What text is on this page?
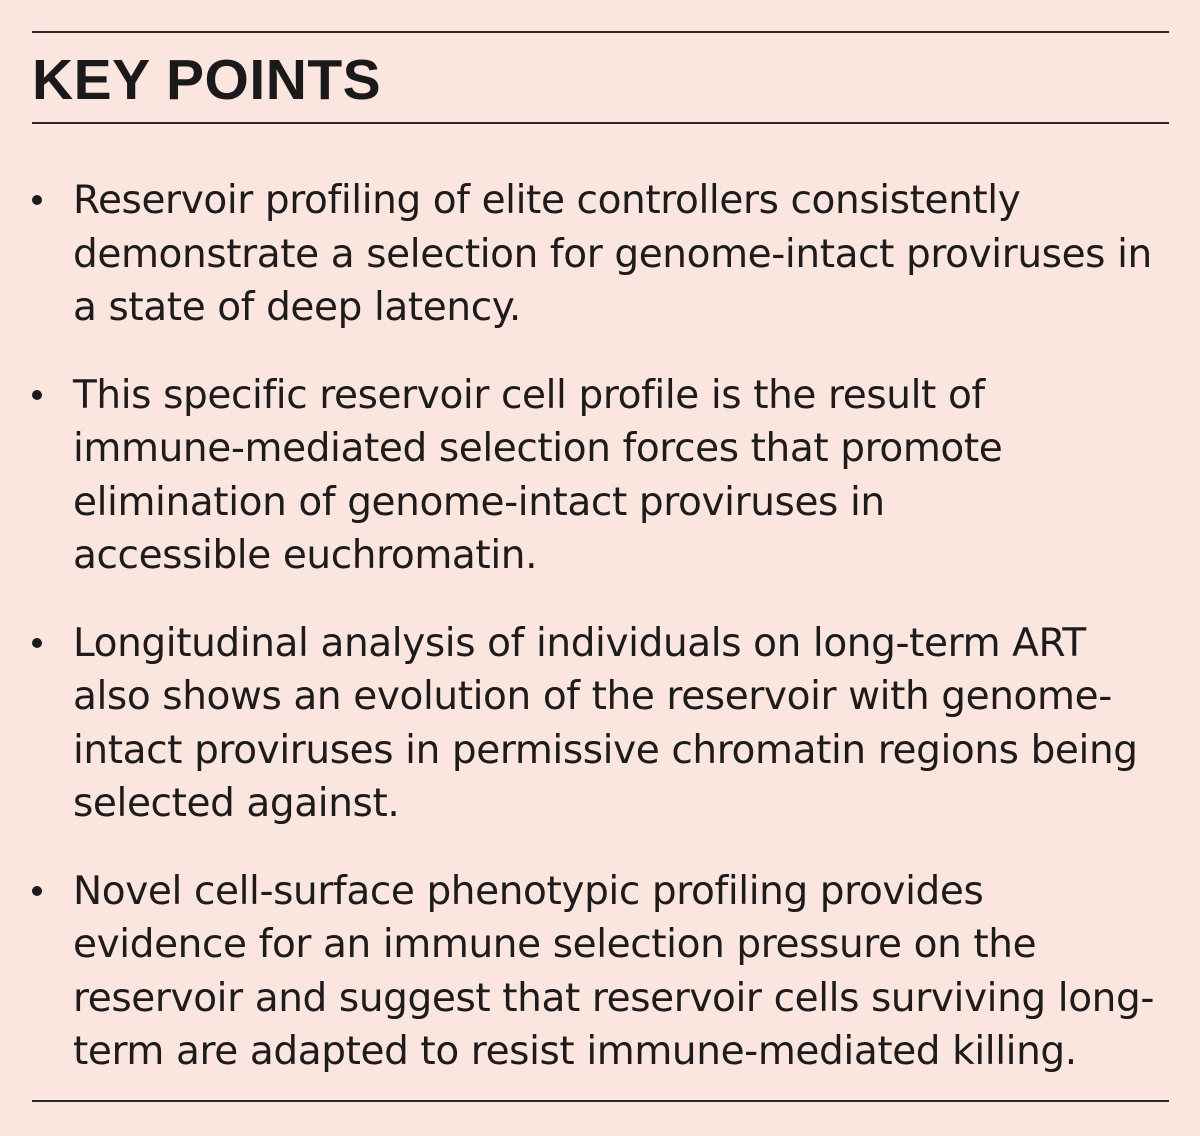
KEY POINTS
Reservoir profiling of elite controllers consistently
demonstrate a selection for genome-intact proviruses in
a state of deep latency.
This specific reservoir cell profile is the result of
immune-mediated selection forces that promote
elimination of genome-intact proviruses in
accessible euchromatin.
Longitudinal analysis of individuals on long-term ART
also shows an evolution of the reservoir with genome-
intact proviruses in permissive chromatin regions being
selected against.
Novel cell-surface phenotypic profiling provides
evidence for an immune selection pressure on the
reservoir and suggest that reservoir cells surviving long-
term are adapted to resist immune-mediated killing.
